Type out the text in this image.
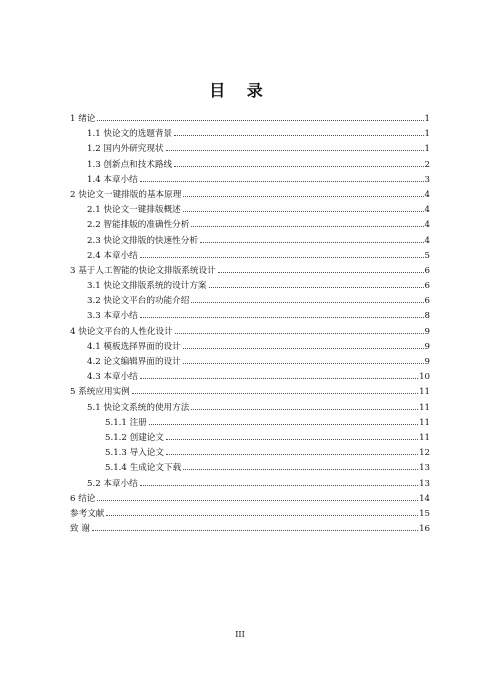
目 录
1 绪论	1
1.1 快论文的选题背景	1
1.2 国内外研究现状	1
1.3 创新点和技术路线	2
1.4 本章小结	3
2 快论文一键排版的基本原理	4
2.1 快论文一键排版概述	4
2.2 智能排版的准确性分析	4
2.3 快论文排版的快速性分析	4
2.4 本章小结	5
3 基于人工智能的快论文排版系统设计	6
3.1 快论文排版系统的设计方案	6
3.2 快论文平台的功能介绍	6
3.3 本章小结	8
4 快论文平台的人性化设计	9
4.1 模板选择界面的设计	9
4.2 论文编辑界面的设计	9
4.3 本章小结	10
5 系统应用实例	11
5.1 快论文系统的使用方法	11
5.1.1 注册	11
5.1.2 创建论文	11
5.1.3 导入论文	12
5.1.4 生成论文下载	13
5.2 本章小结	13
6 结论	14
参考文献	15
致 谢	16
III
